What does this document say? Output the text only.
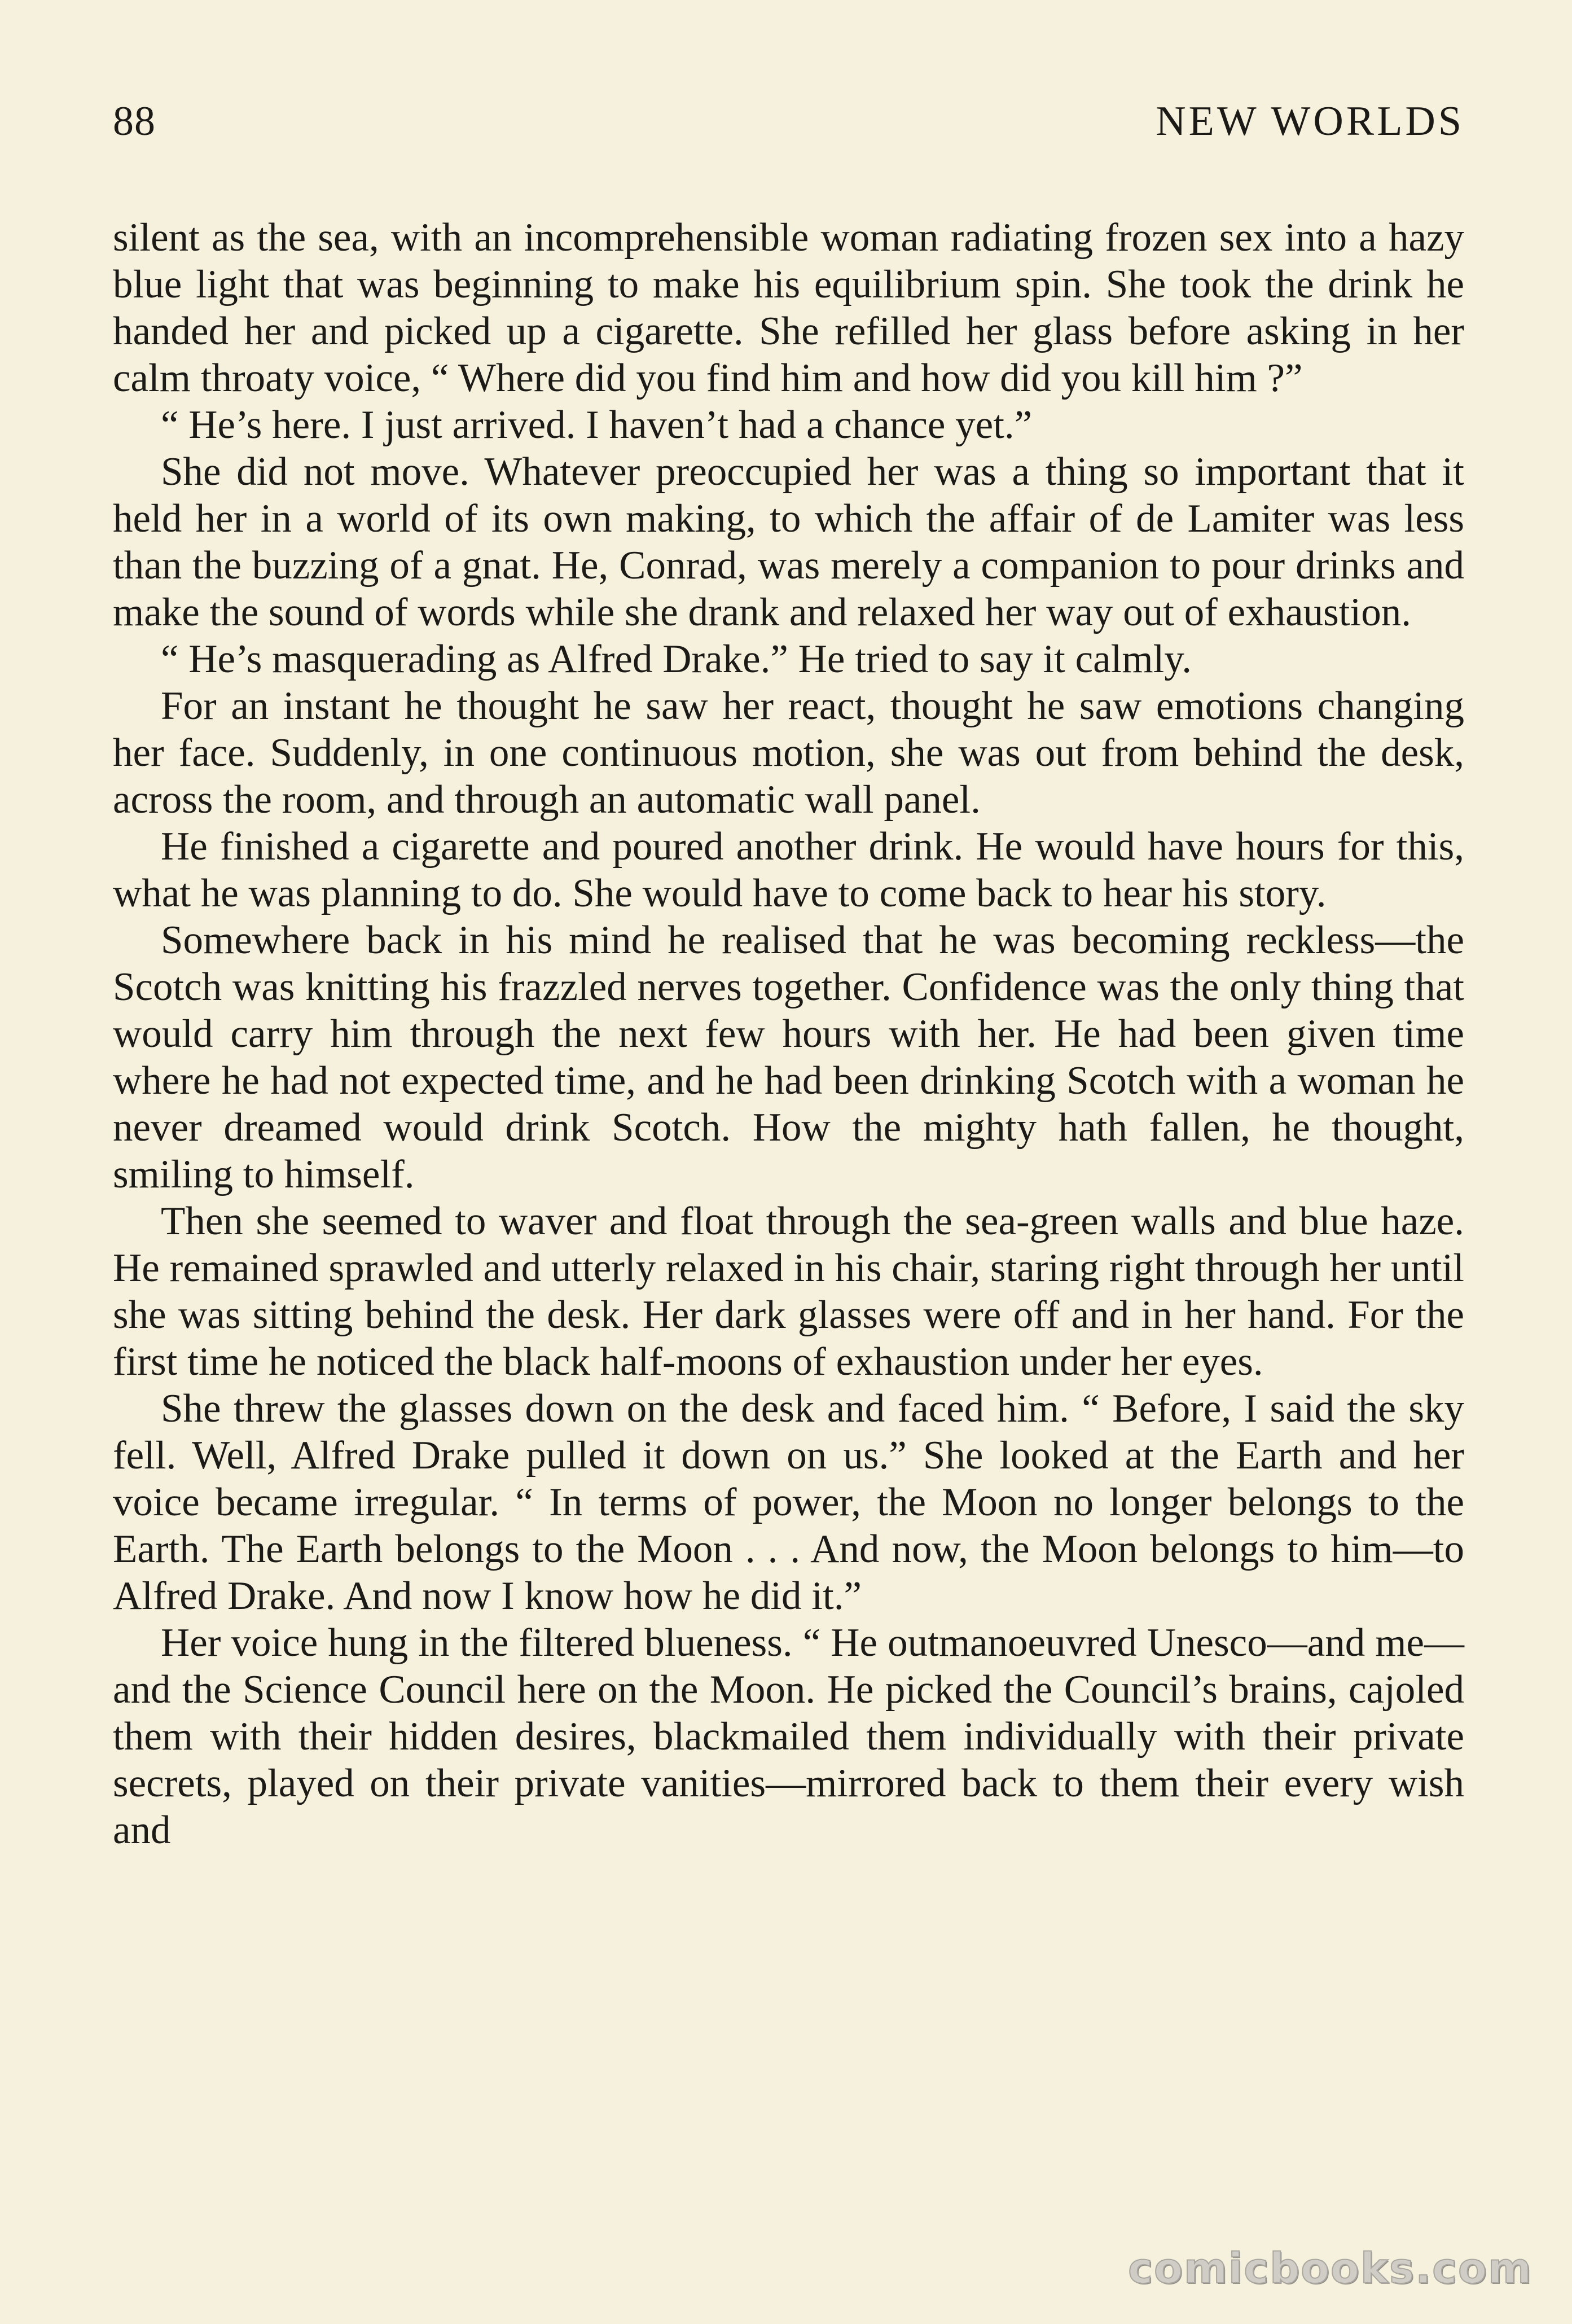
88	NEW WORLDS

silent as the sea, with an incomprehensible woman radiating frozen sex into a hazy blue light that was beginning to make his equilibrium spin. She took the drink he handed her and picked up a cigarette. She refilled her glass before asking in her calm throaty voice, “ Where did you find him and how did you kill him ?”

“ He’s here. I just arrived. I haven’t had a chance yet.”

She did not move. Whatever preoccupied her was a thing so important that it held her in a world of its own making, to which the affair of de Lamiter was less than the buzzing of a gnat. He, Conrad, was merely a companion to pour drinks and make the sound of words while she drank and relaxed her way out of exhaustion.

“ He’s masquerading as Alfred Drake.” He tried to say it calmly.

For an instant he thought he saw her react, thought he saw emotions changing her face. Suddenly, in one continuous motion, she was out from behind the desk, across the room, and through an automatic wall panel.

He finished a cigarette and poured another drink. He would have hours for this, what he was planning to do. She would have to come back to hear his story.

Somewhere back in his mind he realised that he was becoming reckless—the Scotch was knitting his frazzled nerves together. Confidence was the only thing that would carry him through the next few hours with her. He had been given time where he had not expected time, and he had been drinking Scotch with a woman he never dreamed would drink Scotch. How the mighty hath fallen, he thought, smiling to himself.

Then she seemed to waver and float through the sea-green walls and blue haze. He remained sprawled and utterly relaxed in his chair, staring right through her until she was sitting behind the desk. Her dark glasses were off and in her hand. For the first time he noticed the black half-moons of exhaustion under her eyes.

She threw the glasses down on the desk and faced him. “ Before, I said the sky fell. Well, Alfred Drake pulled it down on us.” She looked at the Earth and her voice became irregular. “ In terms of power, the Moon no longer belongs to the Earth. The Earth belongs to the Moon . . . And now, the Moon belongs to him—to Alfred Drake. And now I know how he did it.”

Her voice hung in the filtered blueness. “ He outmanoeuvred Unesco—and me—and the Science Council here on the Moon. He picked the Council’s brains, cajoled them with their hidden desires, blackmailed them individually with their private secrets, played on their private vanities—mirrored back to them their every wish and

comicbooks.com
